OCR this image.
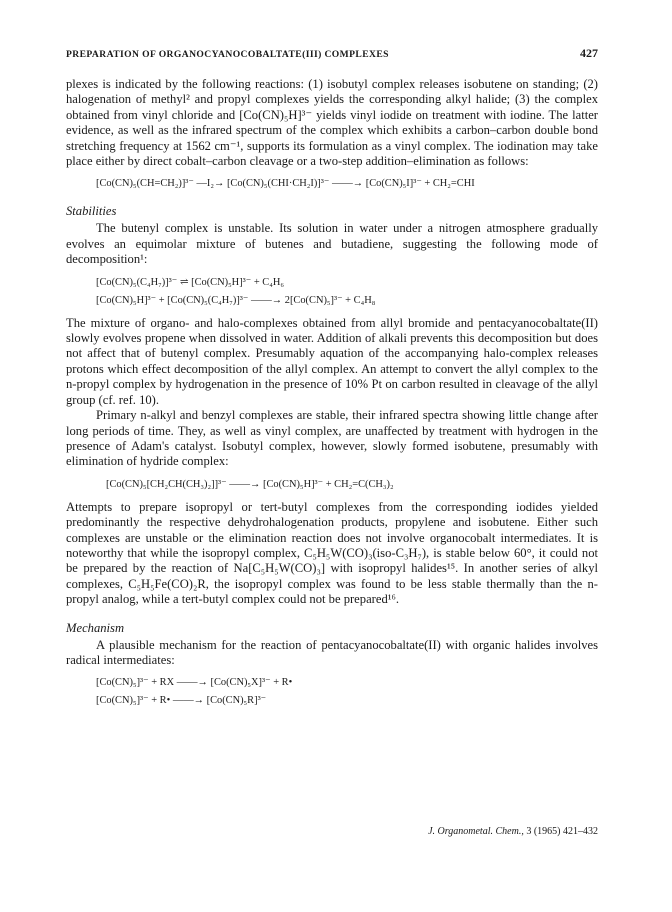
PREPARATION OF ORGANOCYANOCOBALTATE(III) COMPLEXES	427

plexes is indicated by the following reactions: (1) isobutyl complex releases isobutene on standing; (2) halogenation of methyl² and propyl complexes yields the corresponding alkyl halide; (3) the complex obtained from vinyl chloride and [Co(CN)₅H]³⁻ yields vinyl iodide on treatment with iodine. The latter evidence, as well as the infrared spectrum of the complex which exhibits a carbon–carbon double bond stretching frequency at 1562 cm⁻¹, supports its formulation as a vinyl complex. The iodination may take place either by direct cobalt–carbon cleavage or a two-step addition–elimination as follows:

[Co(CN)₅(CH=CH₂)]³⁻ —I₂→ [Co(CN)₅(CHI·CH₂I)]³⁻ ——→ [Co(CN)₅I]³⁻ + CH₂=CHI
Stabilities

The butenyl complex is unstable. Its solution in water under a nitrogen atmosphere gradually evolves an equimolar mixture of butenes and butadiene, suggesting the following mode of decomposition¹:

[Co(CN)₅(C₄H₇)]³⁻ ⇌ [Co(CN)₅H]³⁻ + C₄H₆
[Co(CN)₅H]³⁻ + [Co(CN)₅(C₄H₇)]³⁻ ——→ 2[Co(CN)₅]³⁻ + C₄H₈

The mixture of organo- and halo-complexes obtained from allyl bromide and pentacyanocobaltate(II) slowly evolves propene when dissolved in water. Addition of alkali prevents this decomposition but does not affect that of butenyl complex. Presumably aquation of the accompanying halo-complex releases protons which effect decomposition of the allyl complex. An attempt to convert the allyl complex to the n-propyl complex by hydrogenation in the presence of 10% Pt on carbon resulted in cleavage of the allyl group (cf. ref. 10).

Primary n-alkyl and benzyl complexes are stable, their infrared spectra showing little change after long periods of time. They, as well as vinyl complex, are unaffected by treatment with hydrogen in the presence of Adam's catalyst. Isobutyl complex, however, slowly formed isobutene, presumably with elimination of hydride complex:

[Co(CN)₅[CH₂CH(CH₃)₂]]³⁻ ——→ [Co(CN)₅H]³⁻ + CH₂=C(CH₃)₂

Attempts to prepare isopropyl or tert-butyl complexes from the corresponding iodides yielded predominantly the respective dehydrohalogenation products, propylene and isobutene. Either such complexes are unstable or the elimination reaction does not involve organocobalt intermediates. It is noteworthy that while the isopropyl complex, C₅H₅W(CO)₃(iso-C₃H₇), is stable below 60°, it could not be prepared by the reaction of Na[C₅H₅W(CO)₃] with isopropyl halides¹⁵. In another series of alkyl complexes, C₅H₅Fe(CO)₂R, the isopropyl complex was found to be less stable thermally than the n-propyl analog, while a tert-butyl complex could not be prepared¹⁶.

Mechanism

A plausible mechanism for the reaction of pentacyanocobaltate(II) with organic halides involves radical intermediates:

[Co(CN)₅]³⁻ + RX ——→ [Co(CN)₅X]³⁻ + R•
[Co(CN)₅]³⁻ + R• ——→ [Co(CN)₅R]³⁻
J. Organometal. Chem., 3 (1965) 421–432
